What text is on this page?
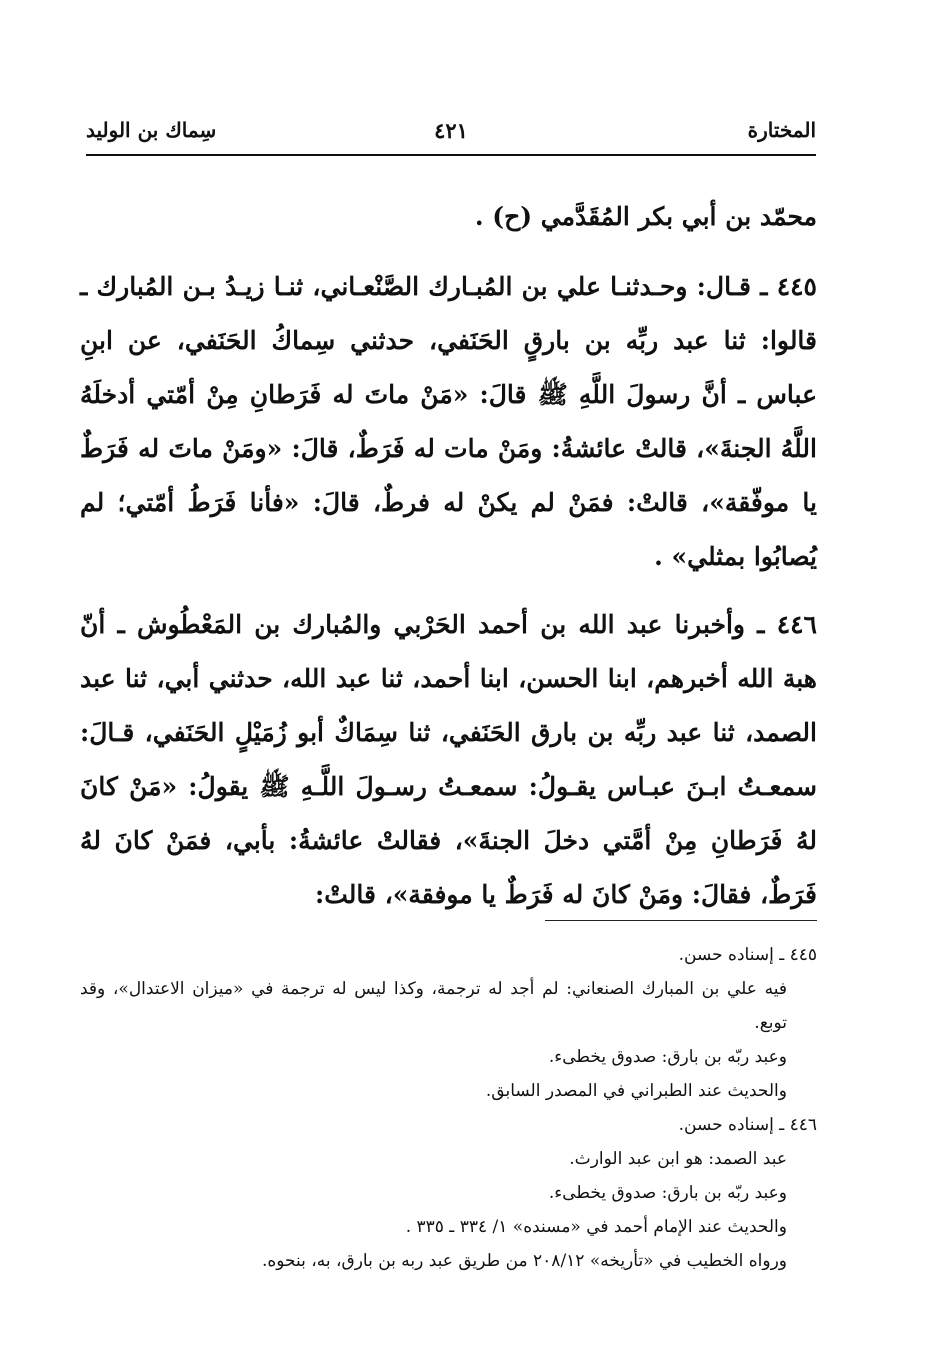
المختارة
٤٢١
سِماك بن الوليد

محمّد بن أبي بكر المُقَدَّمي (ح) .

٤٤٥ ـ قـال: وحـدثنـا علي بن المُبـارك الصَّنْعـاني، ثنـا زيـدُ بـن المُبارك ـ قالوا: ثنا عبد ربِّه بن بارقٍ الحَنَفي، حدثني سِماكُ الحَنَفي، عن ابنِ عباس ـ أنَّ رسولَ اللَّهِ ﷺ قالَ: «مَنْ ماتَ له فَرَطانِ مِنْ أمّتي أدخلَهُ اللَّهُ الجنةَ»، قالتْ عائشةُ: ومَنْ مات له فَرَطٌ، قالَ: «ومَنْ ماتَ له فَرَطٌ يا موفّقة»، قالتْ: فمَنْ لم يكنْ له فرطٌ، قالَ: «فأنا فَرَطُ أمّتي؛ لم يُصابُوا بمثلي» .

٤٤٦ ـ وأخبرنا عبد الله بن أحمد الحَرْبي والمُبارك بن المَعْطُوش ـ أنّ هبة الله أخبرهم، ابنا الحسن، ابنا أحمد، ثنا عبد الله، حدثني أبي، ثنا عبد الصمد، ثنا عبد ربِّه بن بارق الحَنَفي، ثنا سِمَاكٌ أبو زُمَيْلٍ الحَنَفي، قـالَ: سمعـتُ ابـنَ عبـاس يقـولُ: سمعـتُ رسـولَ اللَّـهِ ﷺ يقولُ: «مَنْ كانَ لهُ فَرَطانِ مِنْ أمَّتي دخلَ الجنةَ»، فقالتْ عائشةُ: بأبي، فمَنْ كانَ لهُ فَرَطٌ، فقالَ: ومَنْ كانَ له فَرَطٌ يا موفقة»، قالتْ:

٤٤٥ ـ إسناده حسن.
فيه علي بن المبارك الصنعاني: لم أجد له ترجمة، وكذا ليس له ترجمة في «ميزان الاعتدال»، وقد توبع.
وعبد ربّه بن بارق: صدوق يخطىء.
والحديث عند الطبراني في المصدر السابق.
٤٤٦ ـ إسناده حسن.
عبد الصمد: هو ابن عبد الوارث.
وعبد ربّه بن بارق: صدوق يخطىء.
والحديث عند الإمام أحمد في «مسنده» ١/ ٣٣٤ ـ ٣٣٥ .
ورواه الخطيب في «تأريخه» ٢٠٨/١٢ من طريق عبد ربه بن بارق، به، بنحوه.
